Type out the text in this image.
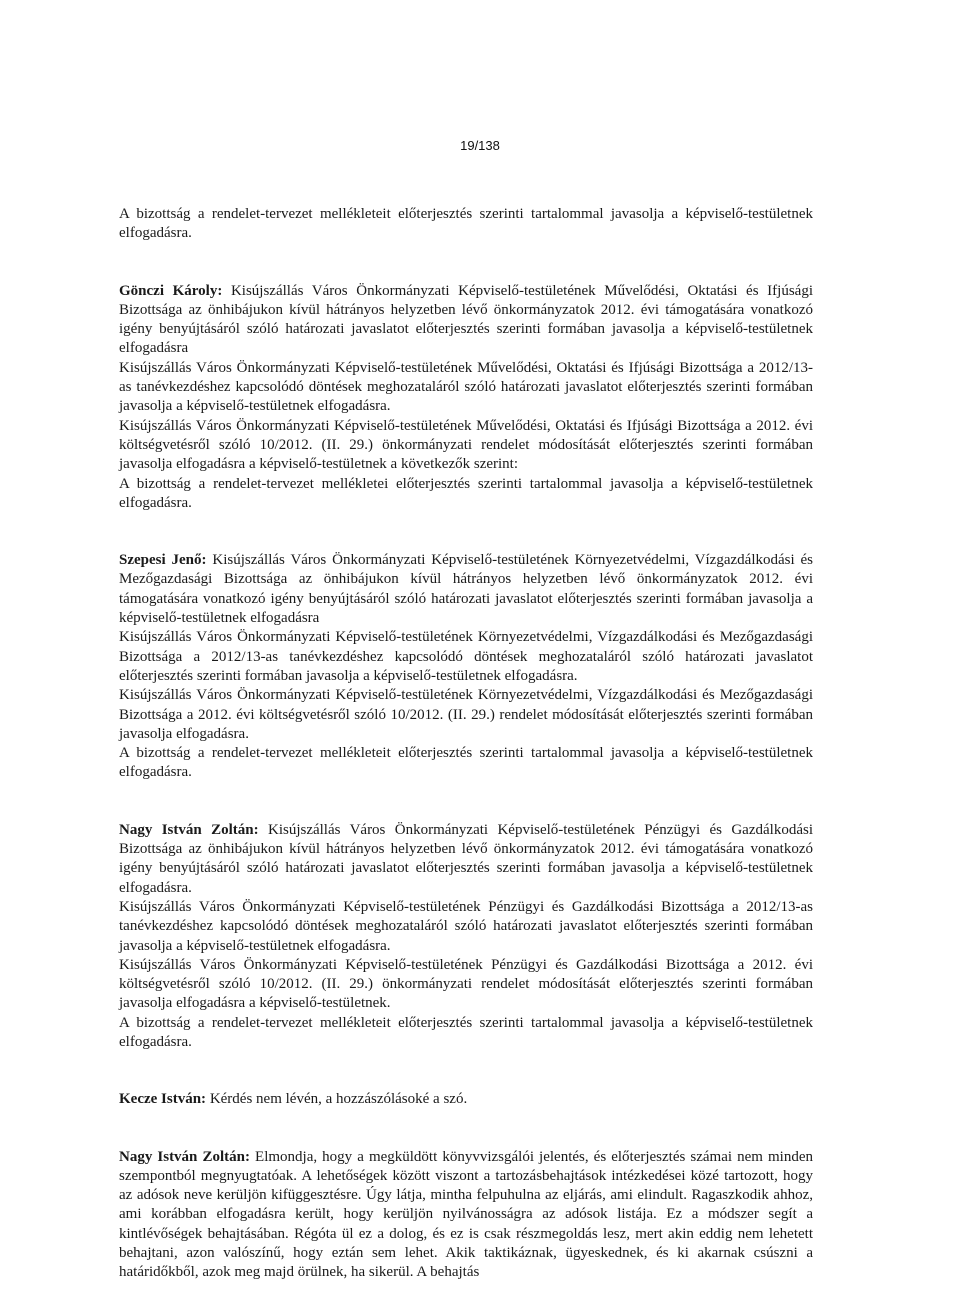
19/138

A bizottság a rendelet-tervezet mellékleteit előterjesztés szerinti tartalommal javasolja a képviselő-testületnek elfogadásra.

Gönczi Károly: Kisújszállás Város Önkormányzati Képviselő-testületének Művelődési, Oktatási és Ifjúsági Bizottsága az önhibájukon kívül hátrányos helyzetben lévő önkormányzatok 2012. évi támogatására vonatkozó igény benyújtásáról szóló határozati javaslatot előterjesztés szerinti formában javasolja a képviselő-testületnek elfogadásra

Kisújszállás Város Önkormányzati Képviselő-testületének Művelődési, Oktatási és Ifjúsági Bizottsága a 2012/13-as tanévkezdéshez kapcsolódó döntések meghozataláról szóló határozati javaslatot előterjesztés szerinti formában javasolja a képviselő-testületnek elfogadásra.

Kisújszállás Város Önkormányzati Képviselő-testületének Művelődési, Oktatási és Ifjúsági Bizottsága a 2012. évi költségvetésről szóló 10/2012. (II. 29.) önkormányzati rendelet módosítását előterjesztés szerinti formában javasolja elfogadásra a képviselő-testületnek a következők szerint:

A bizottság a rendelet-tervezet mellékletei előterjesztés szerinti tartalommal javasolja a képviselő-testületnek elfogadásra.

Szepesi Jenő: Kisújszállás Város Önkormányzati Képviselő-testületének Környezetvédelmi, Vízgazdálkodási és Mezőgazdasági Bizottsága az önhibájukon kívül hátrányos helyzetben lévő önkormányzatok 2012. évi támogatására vonatkozó igény benyújtásáról szóló határozati javaslatot előterjesztés szerinti formában javasolja a képviselő-testületnek elfogadásra

Kisújszállás Város Önkormányzati Képviselő-testületének Környezetvédelmi, Vízgazdálkodási és Mezőgazdasági Bizottsága a 2012/13-as tanévkezdéshez kapcsolódó döntések meghozataláról szóló határozati javaslatot előterjesztés szerinti formában javasolja a képviselő-testületnek elfogadásra.

Kisújszállás Város Önkormányzati Képviselő-testületének Környezetvédelmi, Vízgazdálkodási és Mezőgazdasági Bizottsága a 2012. évi költségvetésről szóló 10/2012. (II. 29.) rendelet módosítását előterjesztés szerinti formában javasolja elfogadásra.

A bizottság a rendelet-tervezet mellékleteit előterjesztés szerinti tartalommal javasolja a képviselő-testületnek elfogadásra.

Nagy István Zoltán: Kisújszállás Város Önkormányzati Képviselő-testületének Pénzügyi és Gazdálkodási Bizottsága az önhibájukon kívül hátrányos helyzetben lévő önkormányzatok 2012. évi támogatására vonatkozó igény benyújtásáról szóló határozati javaslatot előterjesztés szerinti formában javasolja a képviselő-testületnek elfogadásra.

Kisújszállás Város Önkormányzati Képviselő-testületének Pénzügyi és Gazdálkodási Bizottsága a 2012/13-as tanévkezdéshez kapcsolódó döntések meghozataláról szóló határozati javaslatot előterjesztés szerinti formában javasolja a képviselő-testületnek elfogadásra.

Kisújszállás Város Önkormányzati Képviselő-testületének Pénzügyi és Gazdálkodási Bizottsága a 2012. évi költségvetésről szóló 10/2012. (II. 29.) önkormányzati rendelet módosítását előterjesztés szerinti formában javasolja elfogadásra a képviselő-testületnek.

A bizottság a rendelet-tervezet mellékleteit előterjesztés szerinti tartalommal javasolja a képviselő-testületnek elfogadásra.

Kecze István: Kérdés nem lévén, a hozzászólásoké a szó.

Nagy István Zoltán: Elmondja, hogy a megküldött könyvvizsgálói jelentés, és előterjesztés számai nem minden szempontból megnyugtatóak. A lehetőségek között viszont a tartozásbehajtások intézkedései közé tartozott, hogy az adósok neve kerüljön kifüggesztésre. Úgy látja, mintha felpuhulna az eljárás, ami elindult. Ragaszkodik ahhoz, ami korábban elfogadásra került, hogy kerüljön nyilvánosságra az adósok listája. Ez a módszer segít a kintlévőségek behajtásában. Régóta ül ez a dolog, és ez is csak részmegoldás lesz, mert akin eddig nem lehetett behajtani, azon valószínű, hogy eztán sem lehet. Akik taktikáznak, ügyeskednek, és ki akarnak csúszni a határidőkből, azok meg majd örülnek, ha sikerül. A behajtás
